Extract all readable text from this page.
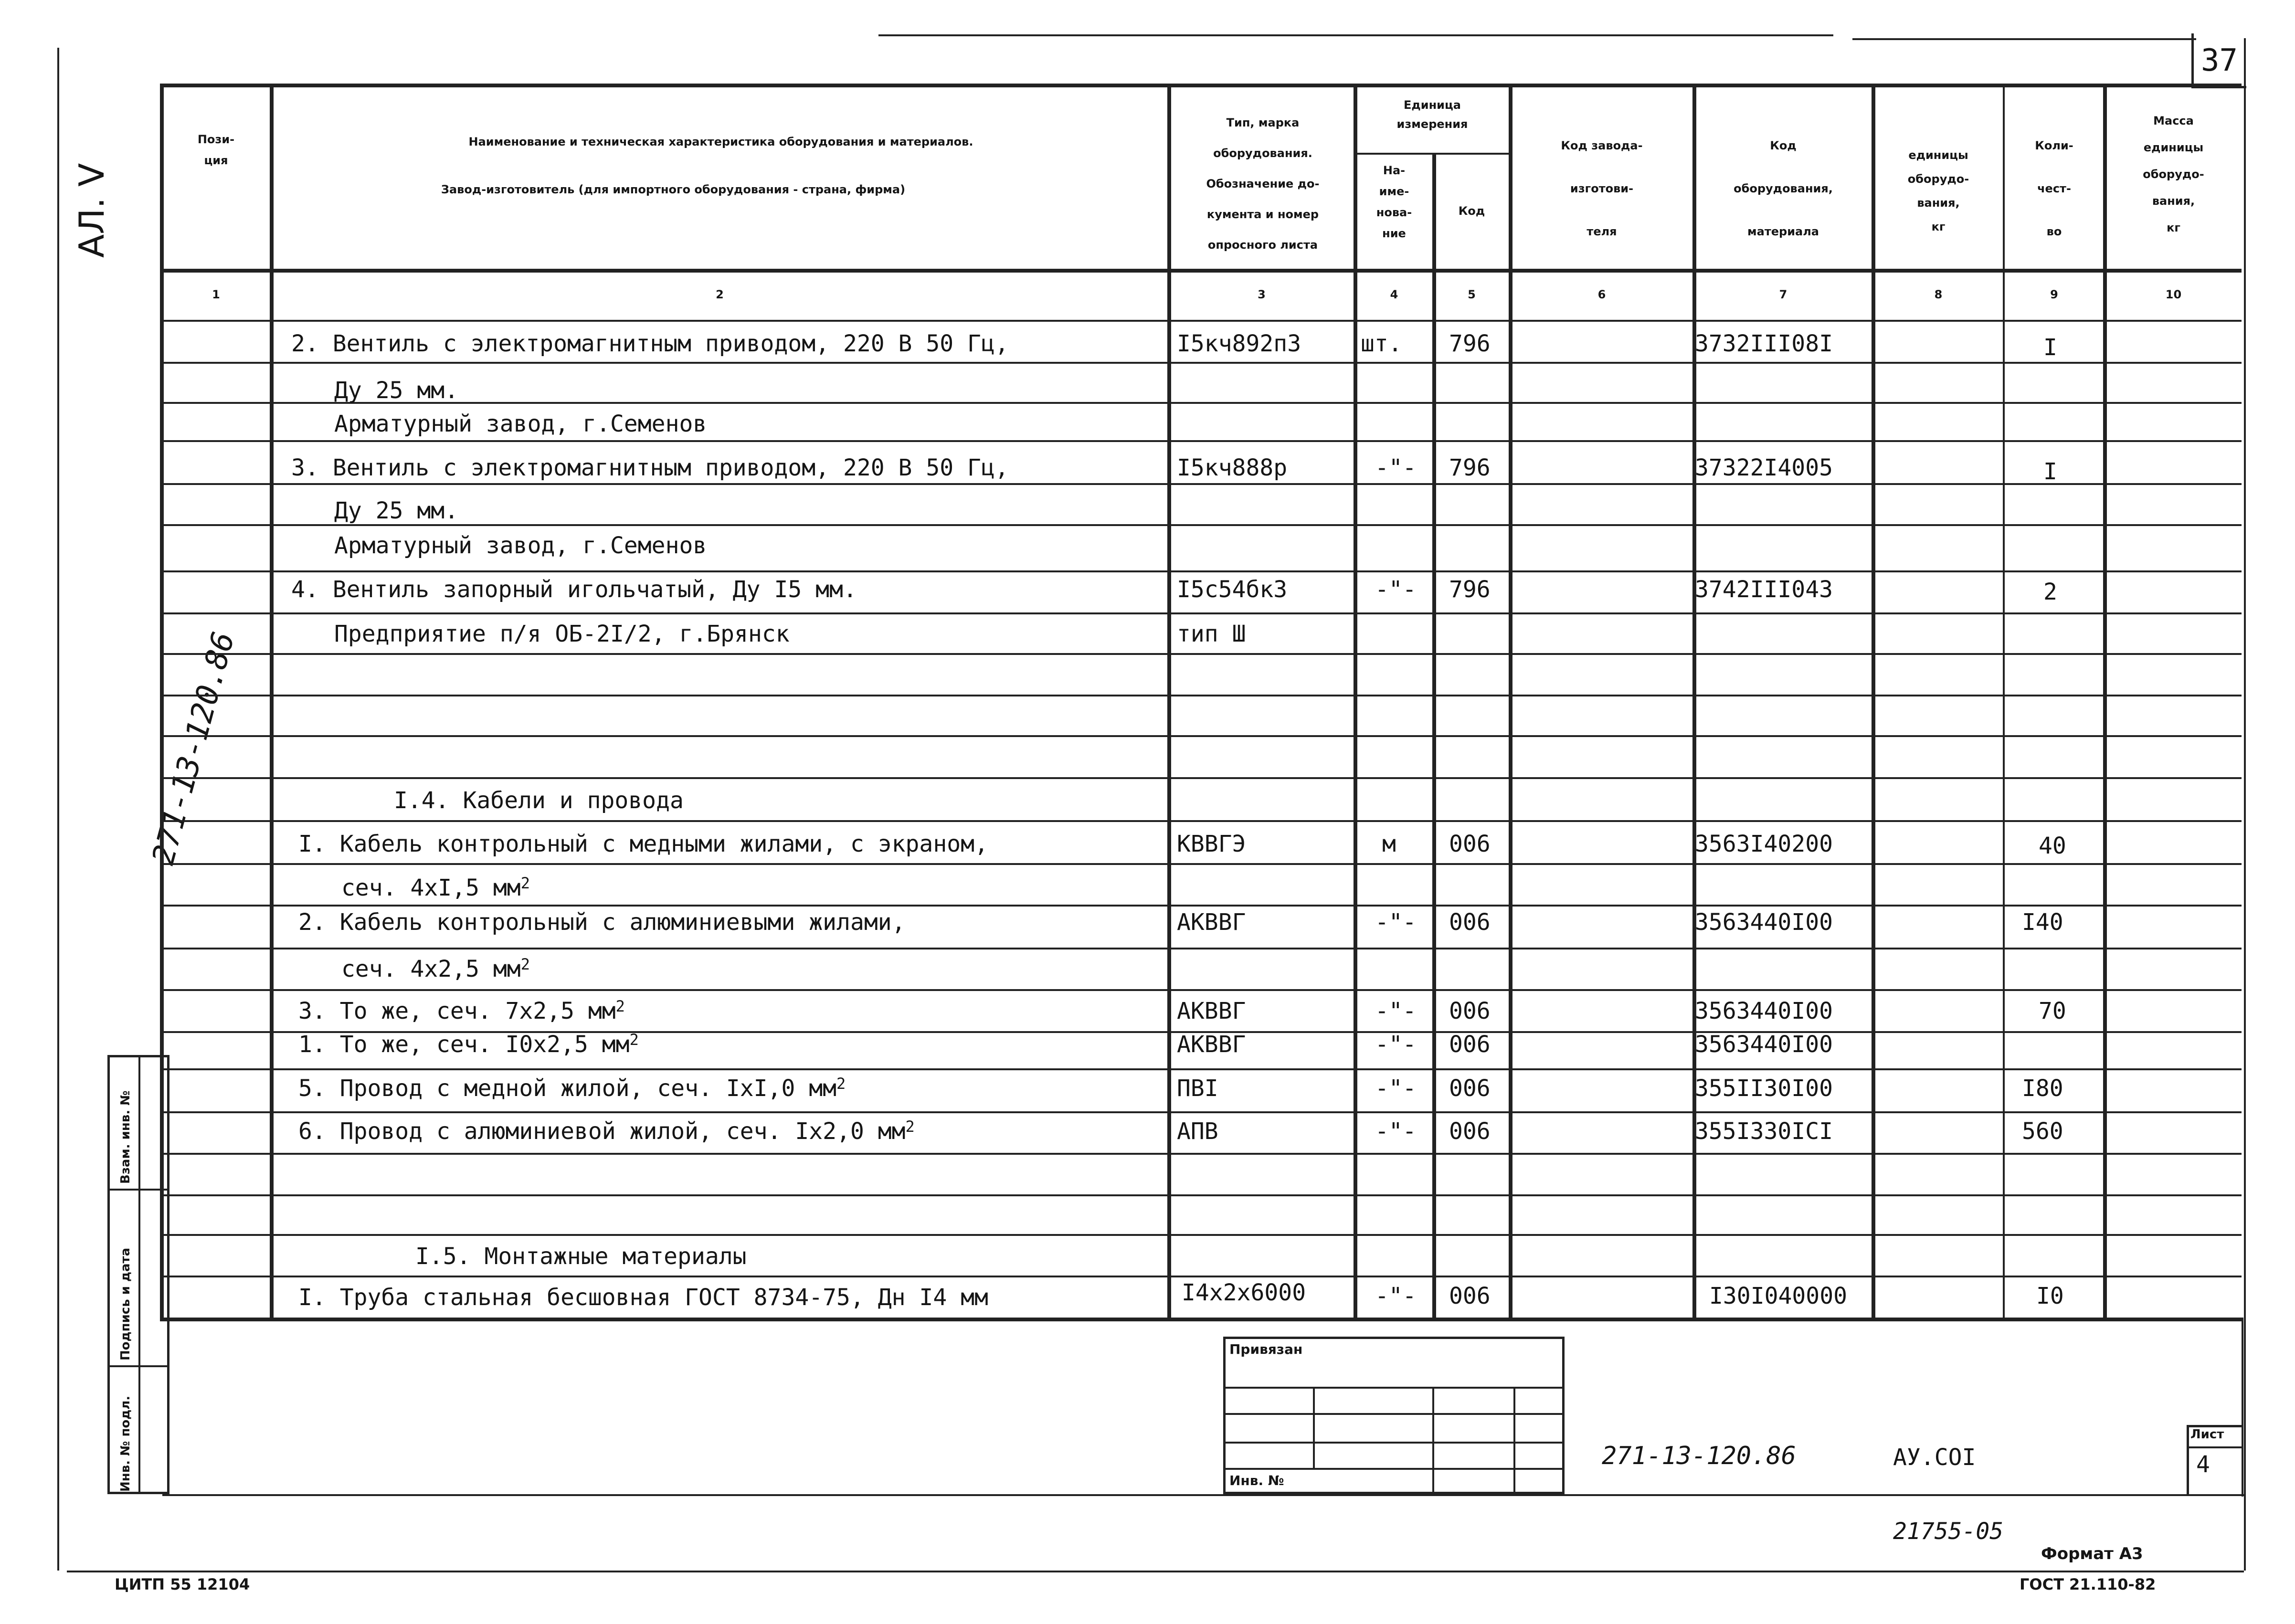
37
АЛ. V
271-13-120.86
Пози-
ция
Наименование и техническая характеристика оборудования и материалов.
Завод-изготовитель (для импортного оборудования - страна, фирма)
Тип, марка
оборудования.
Обозначение до-
кумента и номер
опросного листа
Единица
измерения
На-
име-
нова-
ние
Код
Код завода-
изготови-
теля
Код
оборудования,
материала
единицы
оборудо-
вания,
кг
Коли-
чест-
во
Масса
единицы
оборудо-
вания,
кг
1	2	3	4	5	6	7	8	9	10
2. Вентиль с электромагнитным приводом, 220 В 50 Гц,	I5кч892п3	шт. 796	3732III08I	I
Ду 25 мм.
Арматурный завод, г.Семенов
3. Вентиль с электромагнитным приводом, 220 В 50 Гц,	I5кч888р	-"- 796	37322I4005	I
Ду 25 мм.
Арматурный завод, г.Семенов
4. Вентиль запорный игольчатый, Ду I5 мм.	I5с54бк3	-"- 796	3742III043	2
Предприятие п/я ОБ-2I/2, г.Брянск	тип Ш
I.4. Кабели и провода
I. Кабель контрольный с медными жилами, с экраном,	КВВГЭ	м 006	3563I40200	40
сеч. 4хI,5 $мм^2$
2. Кабель контрольный с алюминиевыми жилами,	АКВВГ	-"- 006	3563440I00	I40
сеч. 4х2,5 $мм^2$
3. То же, сеч. 7х2,5 $мм^2$	АКВВГ	-"- 006	3563440I00	70
1. То же, сеч. I0х2,5 $мм^2$	АКВВГ	-"- 006	3563440I00
5. Провод с медной жилой, сеч. IхI,0 $мм^2$	ПВI	-"- 006	355II30I00	I80
6. Провод с алюминиевой жилой, сеч. Iх2,0 $мм^2$	АПВ	-"- 006	355I330ICI	560
I.5. Монтажные материалы
I. Труба стальная бесшовная ГОСТ 8734-75, Дн I4 мм	I4х2х6000	-"- 006	I30I040000	I0
Привязан
Инв. №
271-13-120.86	АУ.COI
Лист
4
Взам. инв. №
Подпись и дата
Инв. № подл.
21755-05
Формат А3
ЦИТП 55 12104	ГОСТ 21.110-82
